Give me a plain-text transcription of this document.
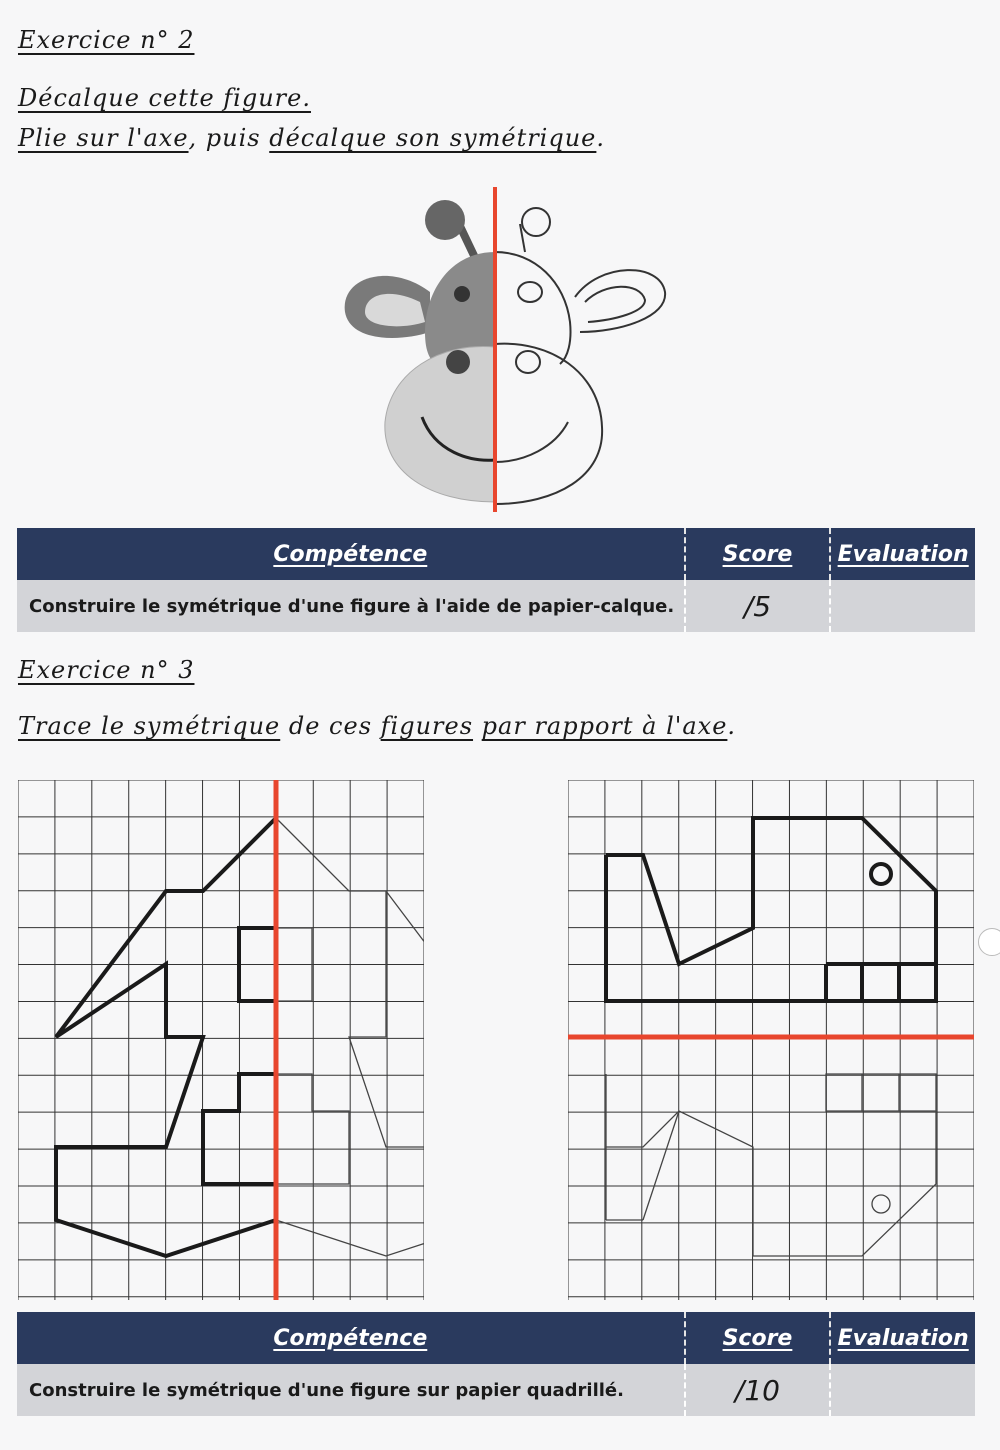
Exercice n° 2
Décalque cette figure.
Plie sur l'axe, puis décalque son symétrique.
Compétence	Score Evaluation
Construire le symétrique d'une figure à l'aide de papier-calque.	/5
Exercice n° 3
Trace le symétrique de ces figures par rapport à l'axe.
Compétence	Score Evaluation
Construire le symétrique d'une figure sur papier quadrillé.	/10
